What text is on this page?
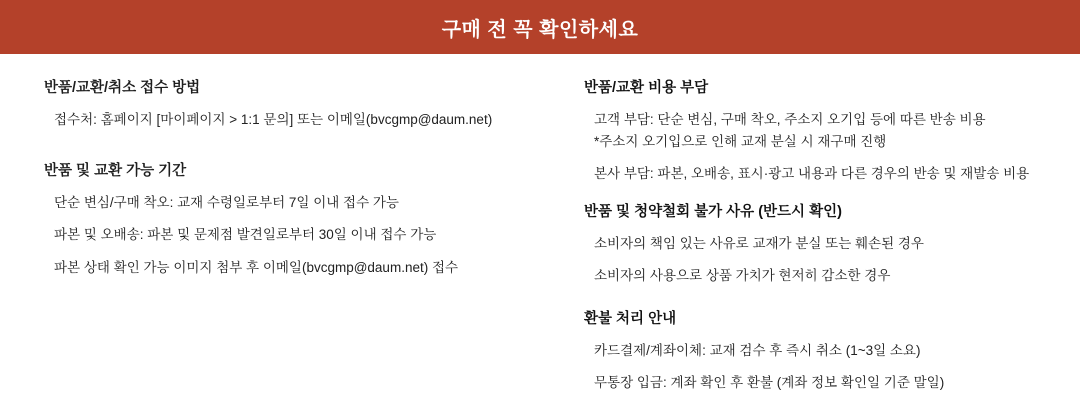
구매 전 꼭 확인하세요
반품/교환/취소 접수 방법
접수처: 홈페이지 [마이페이지 > 1:1 문의] 또는 이메일(bvcgmp@daum.net)
반품 및 교환 가능 기간
단순 변심/구매 착오: 교재 수령일로부터 7일 이내 접수 가능
파본 및 오배송: 파본 및 문제점 발견일로부터 30일 이내 접수 가능
파본 상태 확인 가능 이미지 첨부 후 이메일(bvcgmp@daum.net) 접수
반품/교환 비용 부담
고객 부담: 단순 변심, 구매 착오, 주소지 오기입 등에 따른 반송 비용
*주소지 오기입으로 인해 교재 분실 시 재구매 진행
본사 부담: 파본, 오배송, 표시·광고 내용과 다른 경우의 반송 및 재발송 비용
반품 및 청약철회 불가 사유 (반드시 확인)
소비자의 책임 있는 사유로 교재가 분실 또는 훼손된 경우
소비자의 사용으로 상품 가치가 현저히 감소한 경우
환불 처리 안내
카드결제/계좌이체: 교재 검수 후 즉시 취소 (1~3일 소요)
무통장 입금: 계좌 확인 후 환불 (계좌 정보 확인일 기준 말일)
